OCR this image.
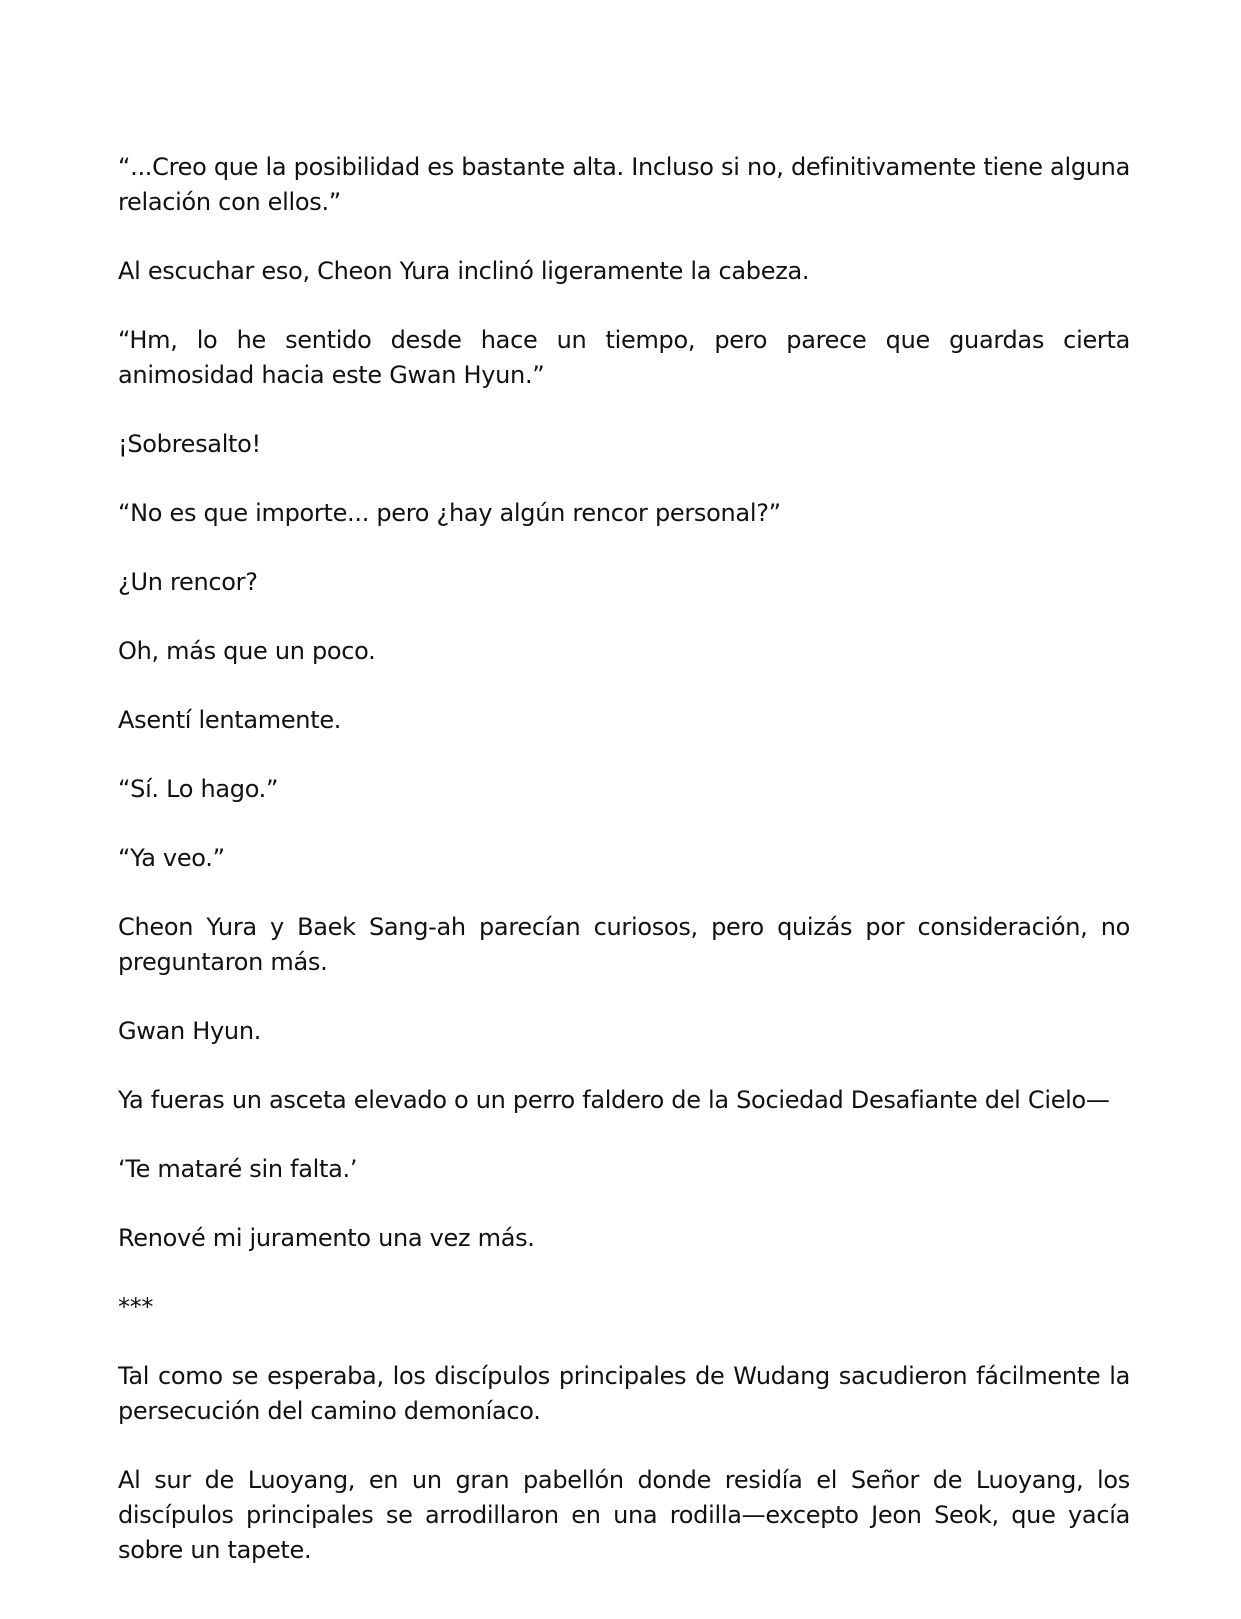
“...Creo que la posibilidad es bastante alta. Incluso si no, definitivamente tiene alguna relación con ellos.”

Al escuchar eso, Cheon Yura inclinó ligeramente la cabeza.

“Hm, lo he sentido desde hace un tiempo, pero parece que guardas cierta animosidad hacia este Gwan Hyun.”

¡Sobresalto!

“No es que importe... pero ¿hay algún rencor personal?”

¿Un rencor?

Oh, más que un poco.

Asentí lentamente.

“Sí. Lo hago.”

“Ya veo.”

Cheon Yura y Baek Sang-ah parecían curiosos, pero quizás por consideración, no preguntaron más.

Gwan Hyun.

Ya fueras un asceta elevado o un perro faldero de la Sociedad Desafiante del Cielo—

‘Te mataré sin falta.’

Renové mi juramento una vez más.

***

Tal como se esperaba, los discípulos principales de Wudang sacudieron fácilmente la persecución del camino demoníaco.

Al sur de Luoyang, en un gran pabellón donde residía el Señor de Luoyang, los discípulos principales se arrodillaron en una rodilla—excepto Jeon Seok, que yacía sobre un tapete.
